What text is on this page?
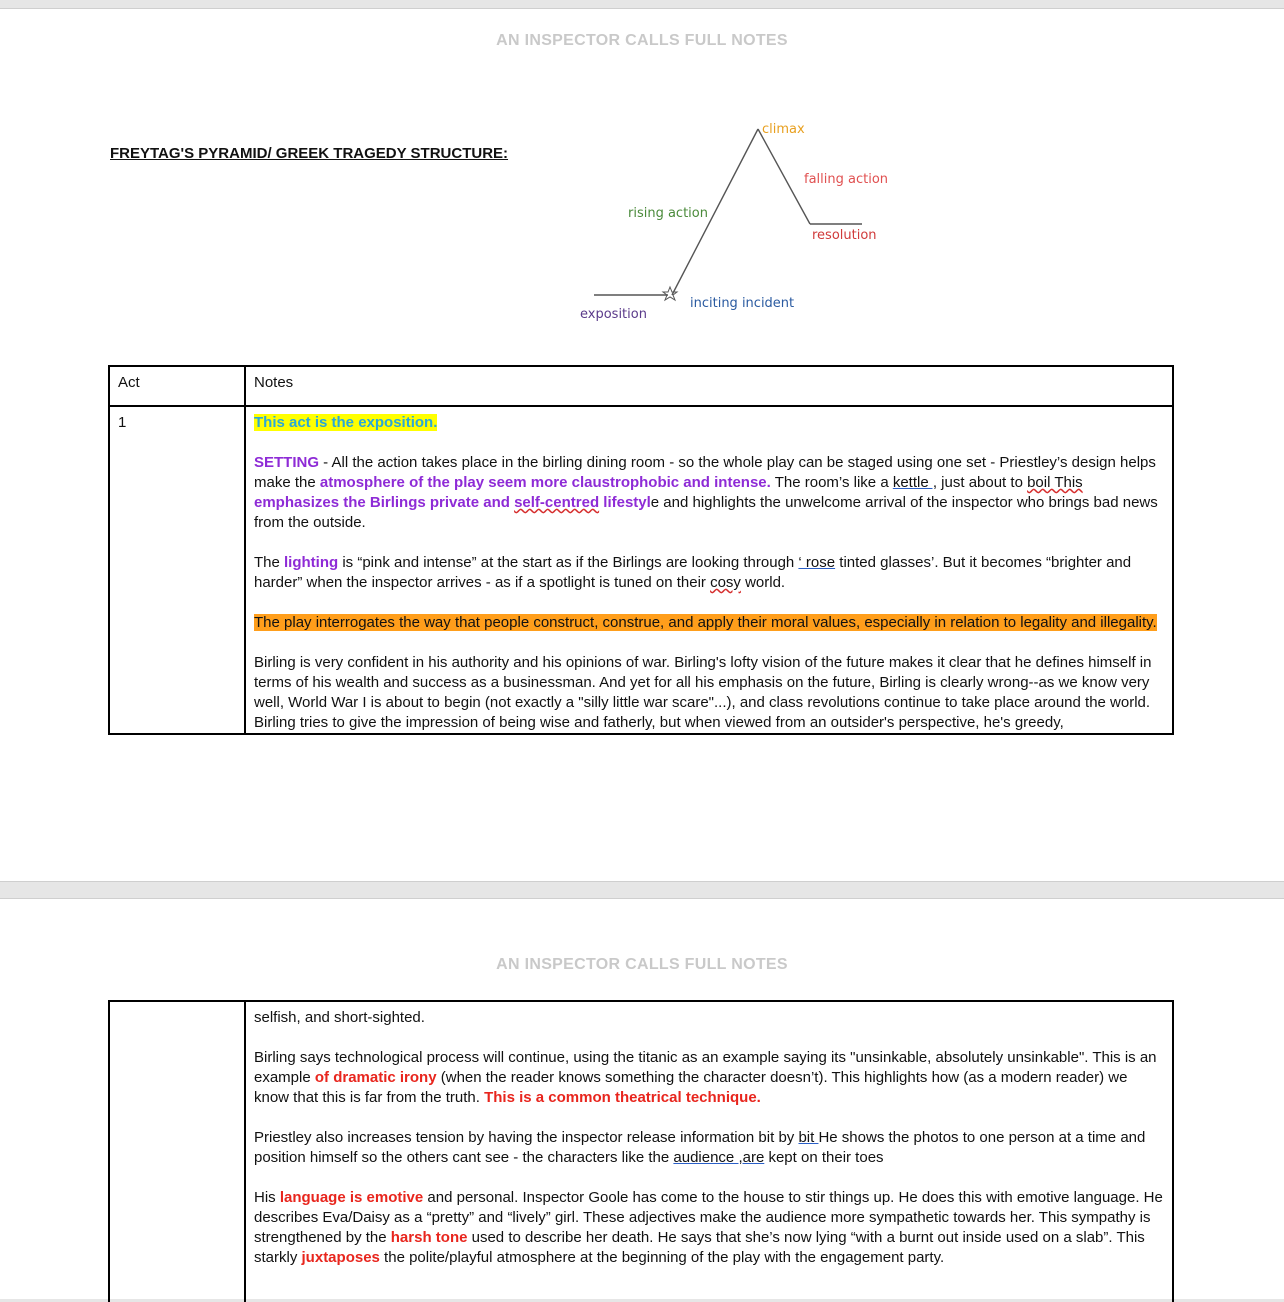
AN INSPECTOR CALLS FULL NOTES
FREYTAG'S PYRAMID/ GREEK TRAGEDY STRUCTURE:
climax
falling action
rising action
resolution
inciting incident
exposition
Act	Notes

1	This act is the exposition.

SETTING - All the action takes place in the birling dining room - so the whole play can be staged using one set - Priestley’s design helps make the atmosphere of the play seem more claustrophobic and intense. The room’s like a kettle , just about to boil This emphasizes the Birlings private and self-centred lifestyle and highlights the unwelcome arrival of the inspector who brings bad news from the outside.

The lighting is “pink and intense” at the start as if the Birlings are looking through ‘ rose tinted glasses’. But it becomes “brighter and harder” when the inspector arrives - as if a spotlight is tuned on their cosy world.

The play interrogates the way that people construct, construe, and apply their moral values, especially in relation to legality and illegality.

Birling is very confident in his authority and his opinions of war. Birling's lofty vision of the future makes it clear that he defines himself in terms of his wealth and success as a businessman. And yet for all his emphasis on the future, Birling is clearly wrong--as we know very well, World War I is about to begin (not exactly a "silly little war scare"...), and class revolutions continue to take place around the world. Birling tries to give the impression of being wise and fatherly, but when viewed from an outsider's perspective, he's greedy,

AN INSPECTOR CALLS FULL NOTES

selfish, and short-sighted.

Birling says technological process will continue, using the titanic as an example saying its "unsinkable, absolutely unsinkable". This is an example of dramatic irony (when the reader knows something the character doesn’t). This highlights how (as a modern reader) we know that this is far from the truth. This is a common theatrical technique.

Priestley also increases tension by having the inspector release information bit by bit He shows the photos to one person at a time and position himself so the others cant see - the characters like the audience ,are kept on their toes

His language is emotive and personal. Inspector Goole has come to the house to stir things up. He does this with emotive language. He describes Eva/Daisy as a “pretty” and “lively” girl. These adjectives make the audience more sympathetic towards her. This sympathy is strengthened by the harsh tone used to describe her death. He says that she’s now lying “with a burnt out inside used on a slab”. This starkly juxtaposes the polite/playful atmosphere at the beginning of the play with the engagement party.
